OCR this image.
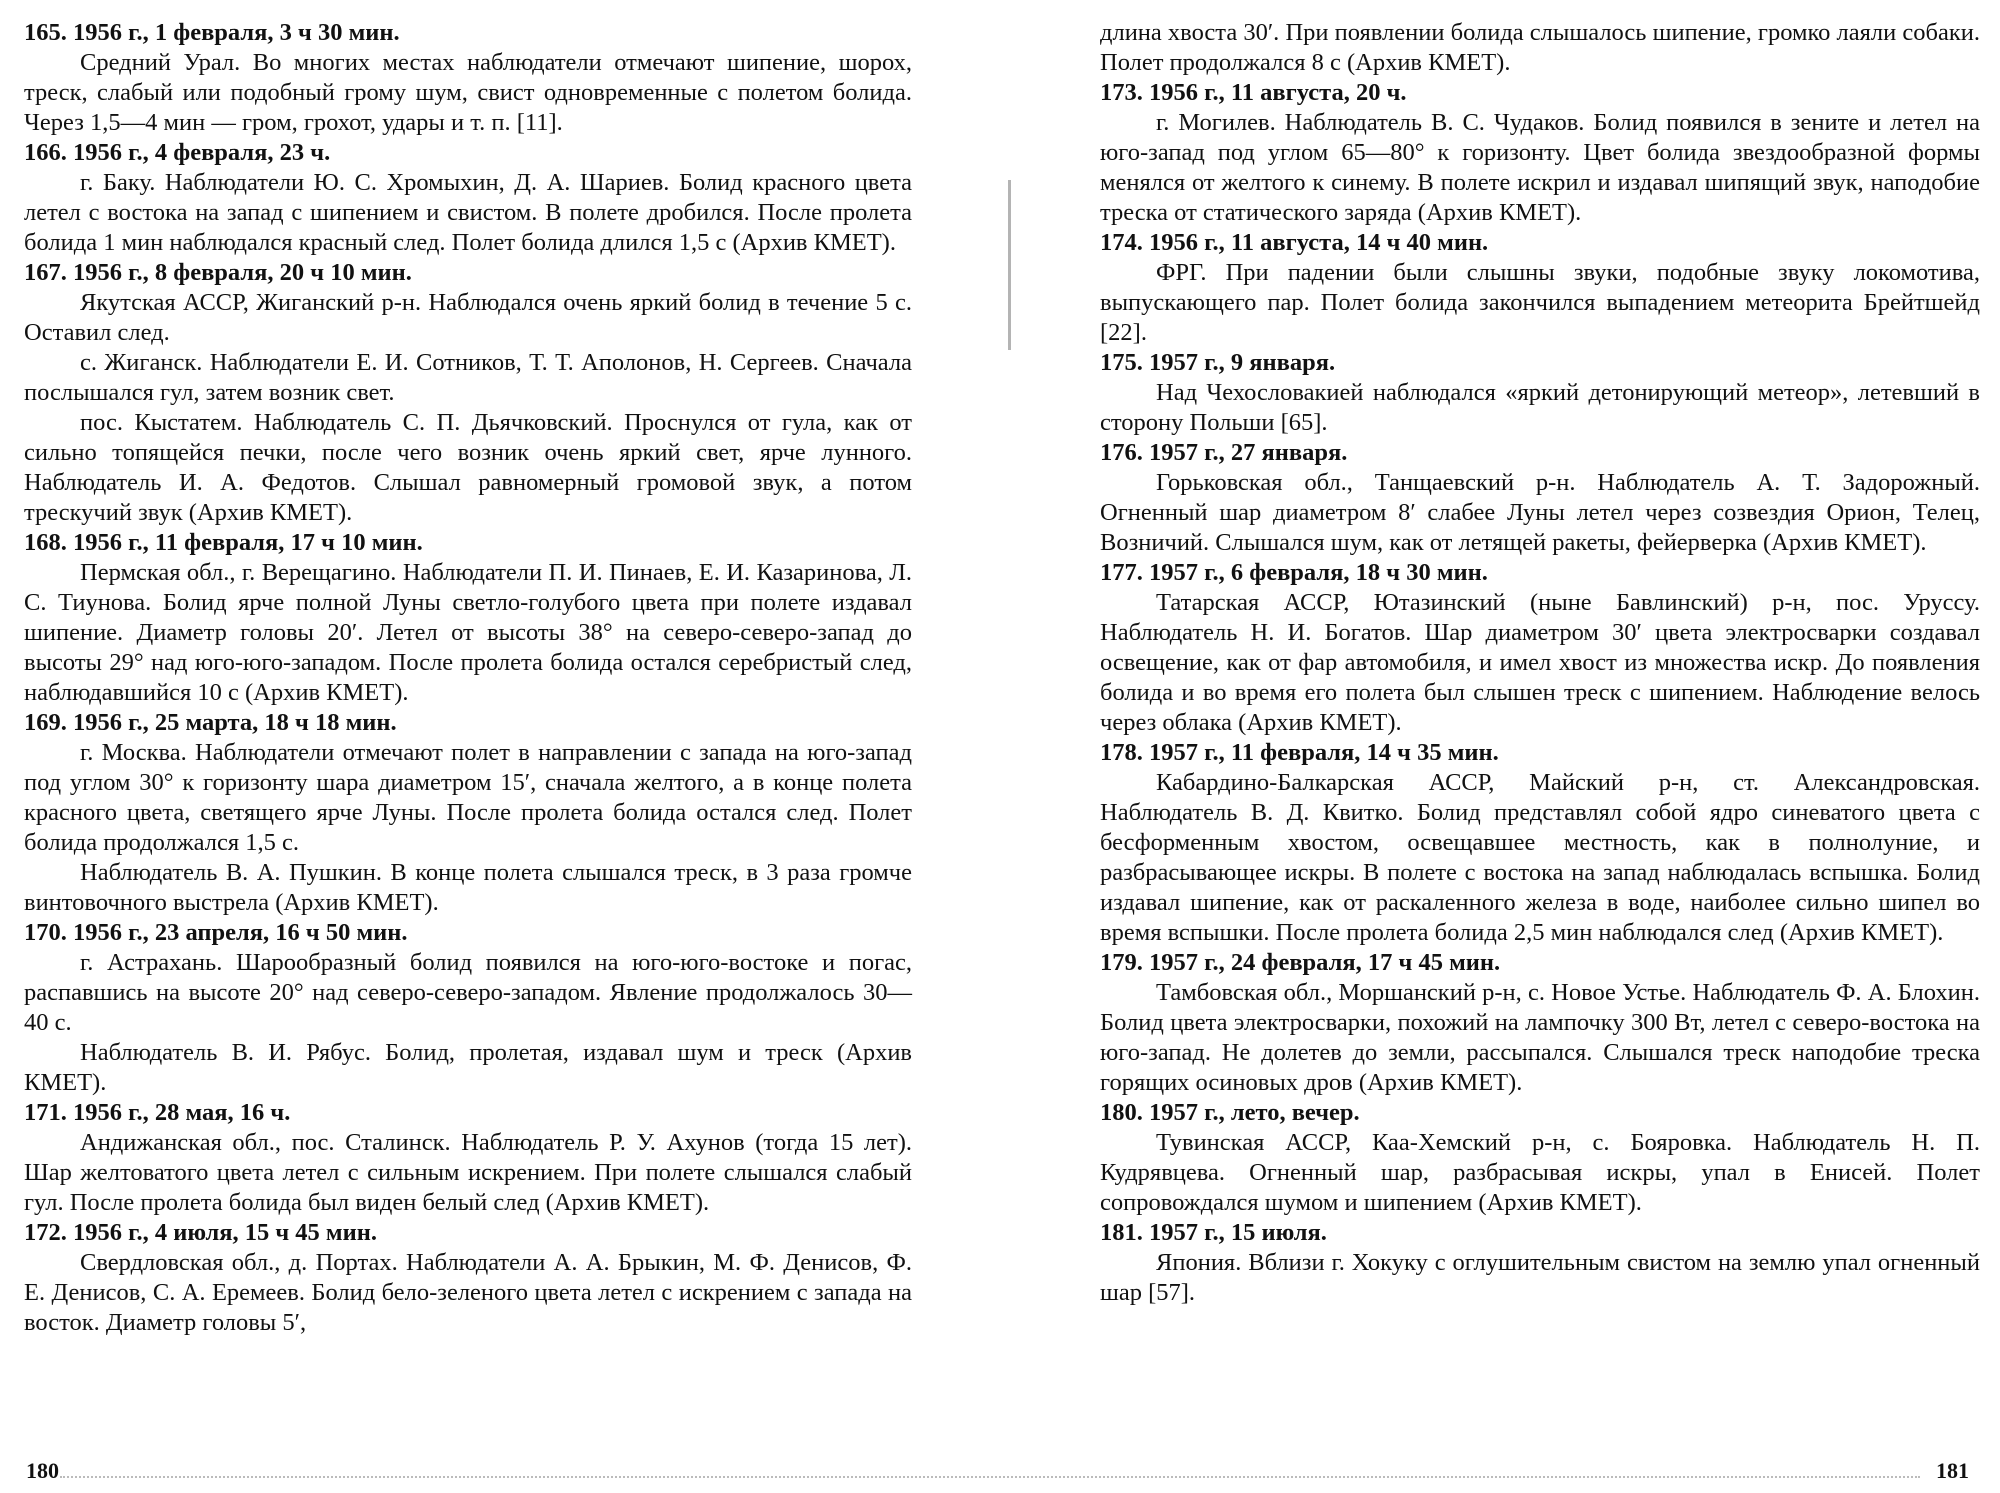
165. 1956 г., 1 февраля, 3 ч 30 мин.

Средний Урал. Во многих местах наблюдатели отмечают шипение, шорох, треск, слабый или подобный грому шум, свист одновременные с полетом болида. Через 1,5—4 мин — гром, грохот, удары и т. п. [11].

166. 1956 г., 4 февраля, 23 ч.

г. Баку. Наблюдатели Ю. С. Хромыхин, Д. А. Шариев. Болид красного цвета летел с востока на запад с шипением и свистом. В полете дробился. После пролета болида 1 мин наблюдался красный след. Полет болида длился 1,5 с (Архив КМЕТ).

167. 1956 г., 8 февраля, 20 ч 10 мин.

Якутская АССР, Жиганский р-н. Наблюдался очень яркий болид в течение 5 с. Оставил след.

с. Жиганск. Наблюдатели Е. И. Сотников, Т. Т. Аполонов, Н. Сергеев. Сначала послышался гул, затем возник свет.

пос. Кыстатем. Наблюдатель С. П. Дьячковский. Проснулся от гула, как от сильно топящейся печки, после чего возник очень яркий свет, ярче лунного. Наблюдатель И. А. Федотов. Слышал равномерный громовой звук, а потом трескучий звук (Архив КМЕТ).

168. 1956 г., 11 февраля, 17 ч 10 мин.

Пермская обл., г. Верещагино. Наблюдатели П. И. Пинаев, Е. И. Казаринова, Л. С. Тиунова. Болид ярче полной Луны светло-голубого цвета при полете издавал шипение. Диаметр головы 20′. Летел от высоты 38° на северо-северо-запад до высоты 29° над юго-юго-западом. После пролета болида остался серебристый след, наблюдавшийся 10 с (Архив КМЕТ).

169. 1956 г., 25 марта, 18 ч 18 мин.

г. Москва. Наблюдатели отмечают полет в направлении с запада на юго-запад под углом 30° к горизонту шара диаметром 15′, сначала желтого, а в конце полета красного цвета, светящего ярче Луны. После пролета болида остался след. Полет болида продолжался 1,5 с.

Наблюдатель В. А. Пушкин. В конце полета слышался треск, в 3 раза громче винтовочного выстрела (Архив КМЕТ).

170. 1956 г., 23 апреля, 16 ч 50 мин.

г. Астрахань. Шарообразный болид появился на юго-юго-востоке и погас, распавшись на высоте 20° над северо-северо-западом. Явление продолжалось 30—40 с.

Наблюдатель В. И. Рябус. Болид, пролетая, издавал шум и треск (Архив КМЕТ).

171. 1956 г., 28 мая, 16 ч.

Андижанская обл., пос. Сталинск. Наблюдатель Р. У. Ахунов (тогда 15 лет). Шар желтоватого цвета летел с сильным искрением. При полете слышался слабый гул. После пролета болида был виден белый след (Архив КМЕТ).

172. 1956 г., 4 июля, 15 ч 45 мин.

Свердловская обл., д. Портах. Наблюдатели А. А. Брыкин, М. Ф. Денисов, Ф. Е. Денисов, С. А. Еремеев. Болид бело-зеленого цвета летел с искрением с запада на восток. Диаметр головы 5′,

длина хвоста 30′. При появлении болида слышалось шипение, громко лаяли собаки. Полет продолжался 8 с (Архив КМЕТ).

173. 1956 г., 11 августа, 20 ч.

г. Могилев. Наблюдатель В. С. Чудаков. Болид появился в зените и летел на юго-запад под углом 65—80° к горизонту. Цвет болида звездообразной формы менялся от желтого к синему. В полете искрил и издавал шипящий звук, наподобие треска от статического заряда (Архив КМЕТ).

174. 1956 г., 11 августа, 14 ч 40 мин.

ФРГ. При падении были слышны звуки, подобные звуку локомотива, выпускающего пар. Полет болида закончился выпадением метеорита Брейтшейд [22].

175. 1957 г., 9 января.

Над Чехословакией наблюдался «яркий детонирующий метеор», летевший в сторону Польши [65].

176. 1957 г., 27 января.

Горьковская обл., Танщаевский р-н. Наблюдатель А. Т. Задорожный. Огненный шар диаметром 8′ слабее Луны летел через созвездия Орион, Телец, Возничий. Слышался шум, как от летящей ракеты, фейерверка (Архив КМЕТ).

177. 1957 г., 6 февраля, 18 ч 30 мин.

Татарская АССР, Ютазинский (ныне Бавлинский) р-н, пос. Уруссу. Наблюдатель Н. И. Богатов. Шар диаметром 30′ цвета электросварки создавал освещение, как от фар автомобиля, и имел хвост из множества искр. До появления болида и во время его полета был слышен треск с шипением. Наблюдение велось через облака (Архив КМЕТ).

178. 1957 г., 11 февраля, 14 ч 35 мин.

Кабардино-Балкарская АССР, Майский р-н, ст. Александровская. Наблюдатель В. Д. Квитко. Болид представлял собой ядро синеватого цвета с бесформенным хвостом, освещавшее местность, как в полнолуние, и разбрасывающее искры. В полете с востока на запад наблюдалась вспышка. Болид издавал шипение, как от раскаленного железа в воде, наиболее сильно шипел во время вспышки. После пролета болида 2,5 мин наблюдался след (Архив КМЕТ).

179. 1957 г., 24 февраля, 17 ч 45 мин.

Тамбовская обл., Моршанский р-н, с. Новое Устье. Наблюдатель Ф. А. Блохин. Болид цвета электросварки, похожий на лампочку 300 Вт, летел с северо-востока на юго-запад. Не долетев до земли, рассыпался. Слышался треск наподобие треска горящих осиновых дров (Архив КМЕТ).

180. 1957 г., лето, вечер.

Тувинская АССР, Каа-Хемский р-н, с. Бояровка. Наблюдатель Н. П. Кудрявцева. Огненный шар, разбрасывая искры, упал в Енисей. Полет сопровождался шумом и шипением (Архив КМЕТ).

181. 1957 г., 15 июля.

Япония. Вблизи г. Хокуку с оглушительным свистом на землю упал огненный шар [57].

180	181
